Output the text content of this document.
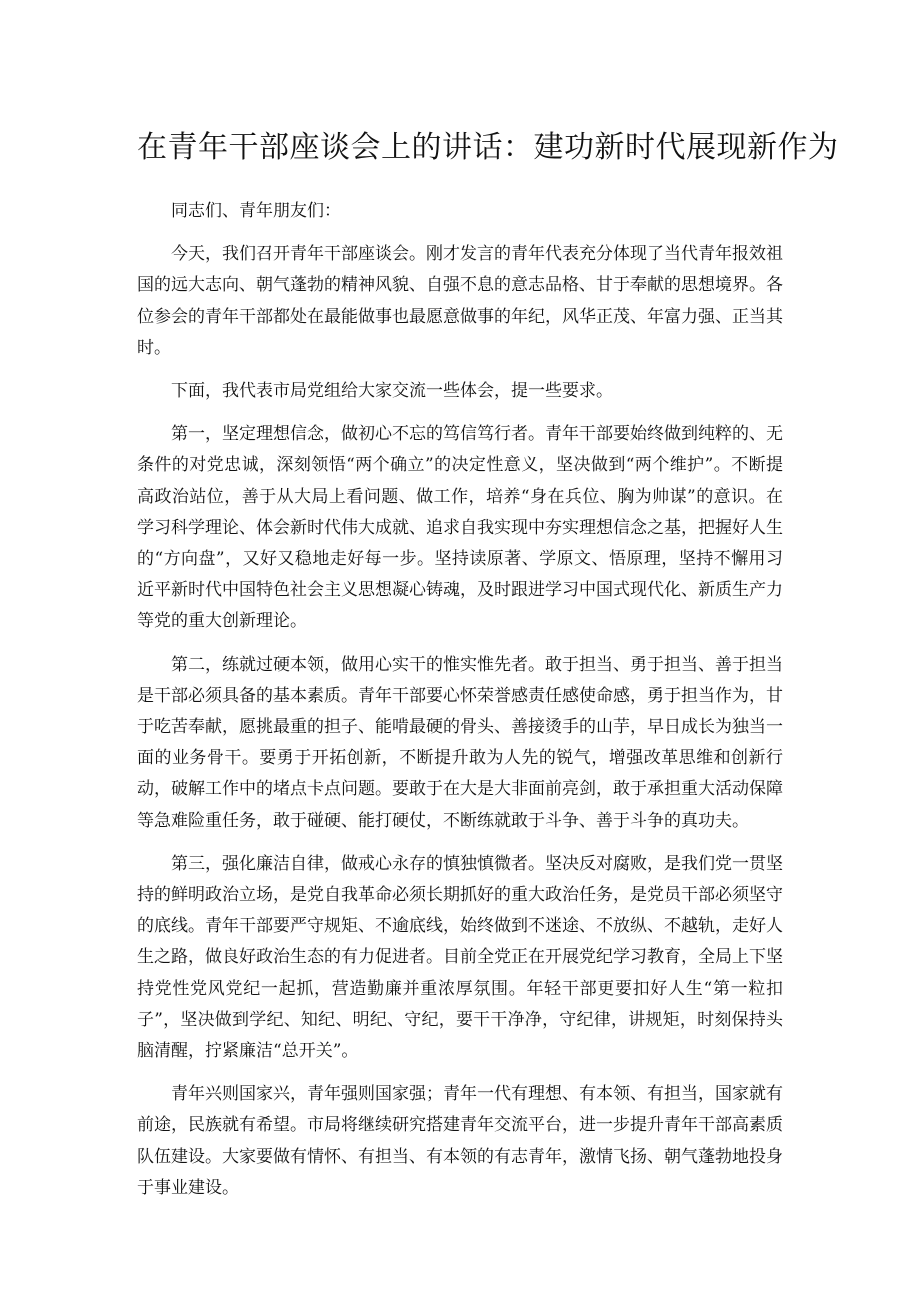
在青年干部座谈会上的讲话：建功新时代展现新作为

同志们、青年朋友们：

今天，我们召开青年干部座谈会。刚才发言的青年代表充分体现了当代青年报效祖国的远大志向、朝气蓬勃的精神风貌、自强不息的意志品格、甘于奉献的思想境界。各位参会的青年干部都处在最能做事也最愿意做事的年纪，风华正茂、年富力强、正当其时。

下面，我代表市局党组给大家交流一些体会，提一些要求。

第一，坚定理想信念，做初心不忘的笃信笃行者。青年干部要始终做到纯粹的、无条件的对党忠诚，深刻领悟“两个确立”的决定性意义，坚决做到“两个维护”。不断提高政治站位，善于从大局上看问题、做工作，培养“身在兵位、胸为帅谋”的意识。在学习科学理论、体会新时代伟大成就、追求自我实现中夯实理想信念之基，把握好人生的“方向盘”，又好又稳地走好每一步。坚持读原著、学原文、悟原理，坚持不懈用习近平新时代中国特色社会主义思想凝心铸魂，及时跟进学习中国式现代化、新质生产力等党的重大创新理论。

第二，练就过硬本领，做用心实干的惟实惟先者。敢于担当、勇于担当、善于担当是干部必须具备的基本素质。青年干部要心怀荣誉感责任感使命感，勇于担当作为，甘于吃苦奉献，愿挑最重的担子、能啃最硬的骨头、善接烫手的山芋，早日成长为独当一面的业务骨干。要勇于开拓创新，不断提升敢为人先的锐气，增强改革思维和创新行动，破解工作中的堵点卡点问题。要敢于在大是大非面前亮剑，敢于承担重大活动保障等急难险重任务，敢于碰硬、能打硬仗，不断练就敢于斗争、善于斗争的真功夫。

第三，强化廉洁自律，做戒心永存的慎独慎微者。坚决反对腐败，是我们党一贯坚持的鲜明政治立场，是党自我革命必须长期抓好的重大政治任务，是党员干部必须坚守的底线。青年干部要严守规矩、不逾底线，始终做到不迷途、不放纵、不越轨，走好人生之路，做良好政治生态的有力促进者。目前全党正在开展党纪学习教育，全局上下坚持党性党风党纪一起抓，营造勤廉并重浓厚氛围。年轻干部更要扣好人生“第一粒扣子”，坚决做到学纪、知纪、明纪、守纪，要干干净净，守纪律，讲规矩，时刻保持头脑清醒，拧紧廉洁“总开关”。

青年兴则国家兴，青年强则国家强；青年一代有理想、有本领、有担当，国家就有前途，民族就有希望。市局将继续研究搭建青年交流平台，进一步提升青年干部高素质队伍建设。大家要做有情怀、有担当、有本领的有志青年，激情飞扬、朝气蓬勃地投身于事业建设。
